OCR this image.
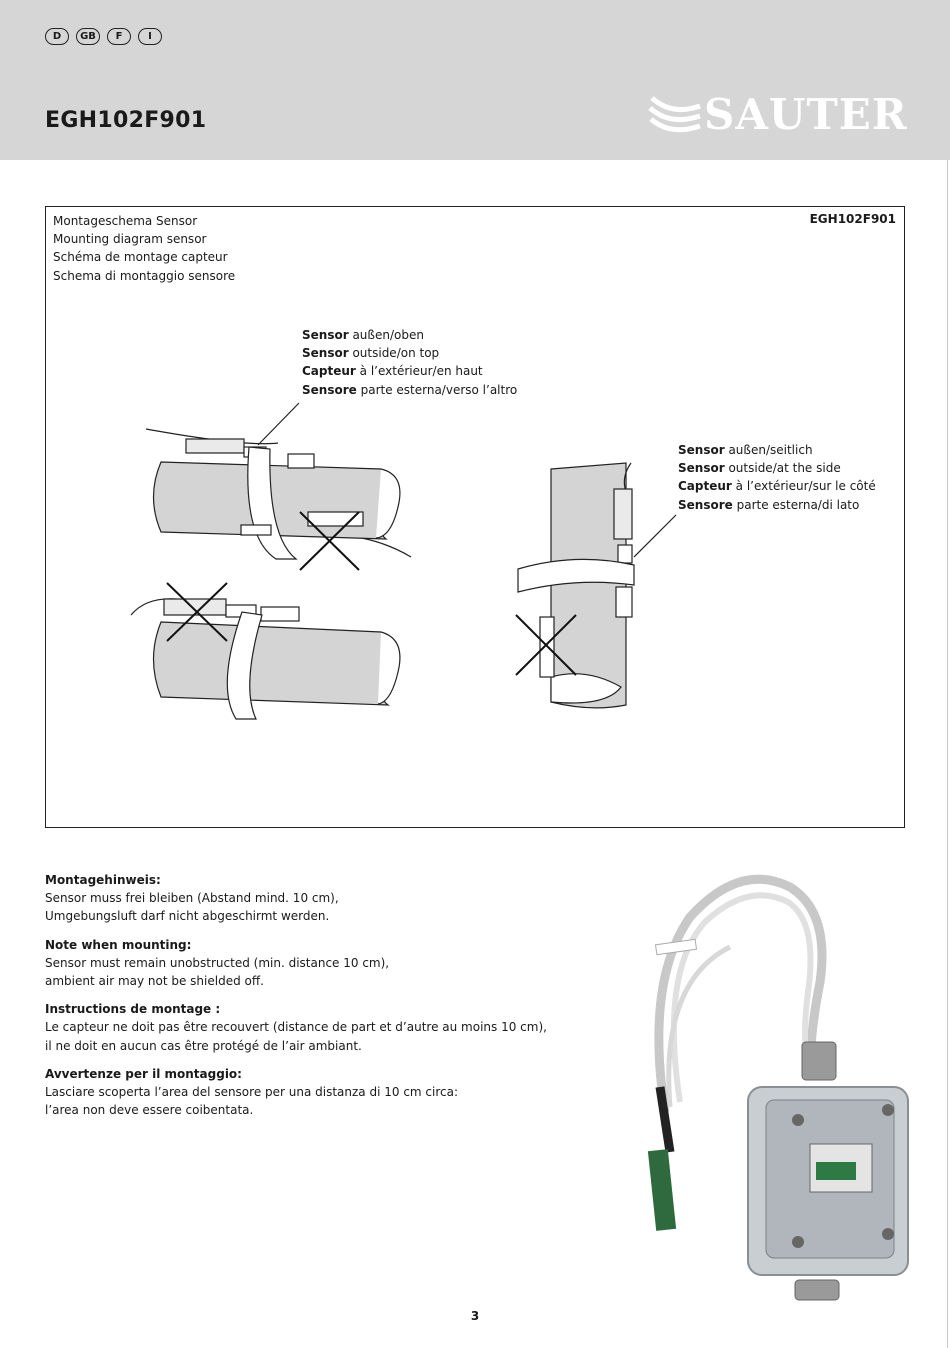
D	GB	F	I
EGH102F901	SAUTER
Montageschema Sensor
Mounting diagram sensor
Schéma de montage capteur
Schema di montaggio sensore
EGH102F901
Sensor außen/oben
Sensor outside/on top
Capteur à l’extérieur/en haut
Sensore parte esterna/verso l’altro
Sensor außen/seitlich
Sensor outside/at the side
Capteur à l’extérieur/sur le côté
Sensore parte esterna/di lato
Montagehinweis:
Sensor muss frei bleiben (Abstand mind. 10 cm),
Umgebungsluft darf nicht abgeschirmt werden.
Note when mounting:
Sensor must remain unobstructed (min. distance 10 cm),
ambient air may not be shielded off.
Instructions de montage :
Le capteur ne doit pas être recouvert (distance de part et d’autre au moins 10 cm),
il ne doit en aucun cas être protégé de l’air ambiant.
Avvertenze per il montaggio:
Lasciare scoperta l’area del sensore per una distanza di 10 cm circa:
l’area non deve essere coibentata.
3
